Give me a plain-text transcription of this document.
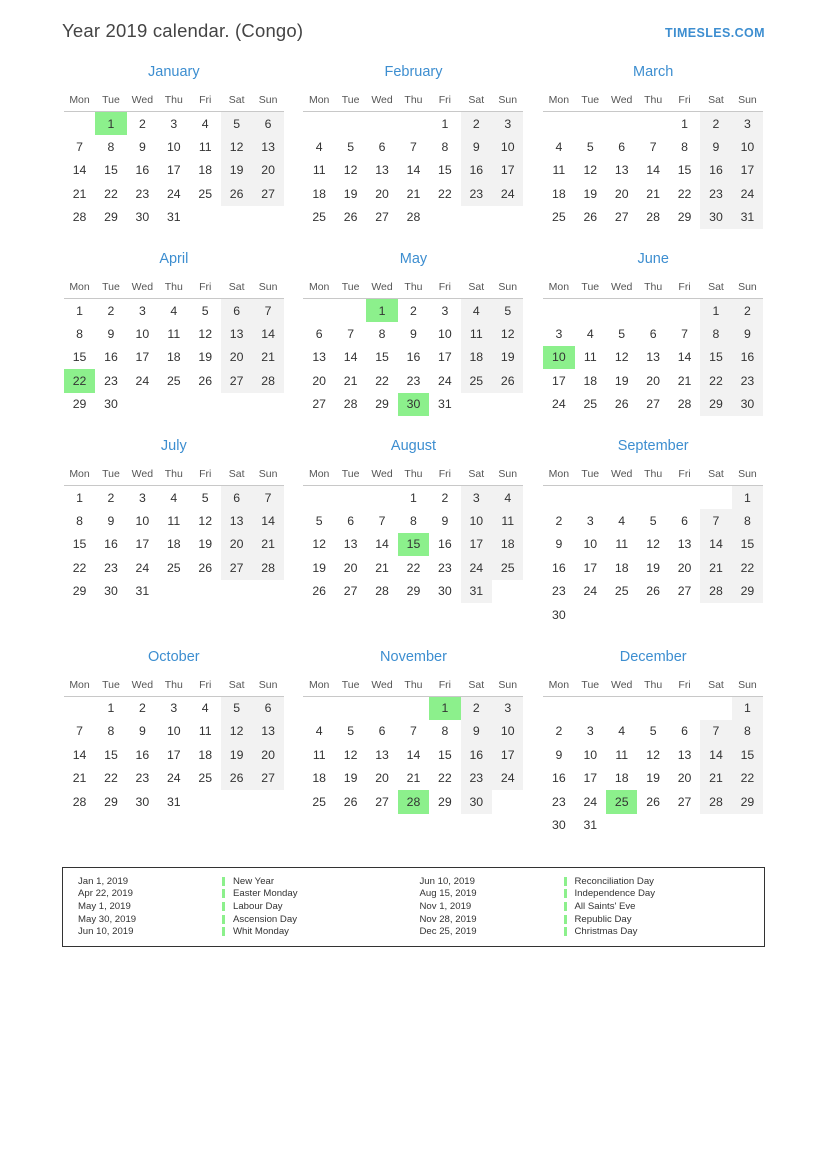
Year 2019 calendar. (Congo)	TIMESLES.COM
January
Mon	Tue	Wed	Thu	Fri	Sat	Sun
	1	2	3	4	5	6
7	8	9	10	11	12	13
14	15	16	17	18	19	20
21	22	23	24	25	26	27
28	29	30	31			
February
Mon	Tue	Wed	Thu	Fri	Sat	Sun
				1	2	3
4	5	6	7	8	9	10
11	12	13	14	15	16	17
18	19	20	21	22	23	24
25	26	27	28			
March
Mon	Tue	Wed	Thu	Fri	Sat	Sun
				1	2	3
4	5	6	7	8	9	10
11	12	13	14	15	16	17
18	19	20	21	22	23	24
25	26	27	28	29	30	31
April
Mon	Tue	Wed	Thu	Fri	Sat	Sun
1	2	3	4	5	6	7
8	9	10	11	12	13	14
15	16	17	18	19	20	21
22	23	24	25	26	27	28
29	30					
May
Mon	Tue	Wed	Thu	Fri	Sat	Sun
		1	2	3	4	5
6	7	8	9	10	11	12
13	14	15	16	17	18	19
20	21	22	23	24	25	26
27	28	29	30	31		
June
Mon	Tue	Wed	Thu	Fri	Sat	Sun
					1	2
3	4	5	6	7	8	9
10	11	12	13	14	15	16
17	18	19	20	21	22	23
24	25	26	27	28	29	30
July
Mon	Tue	Wed	Thu	Fri	Sat	Sun
1	2	3	4	5	6	7
8	9	10	11	12	13	14
15	16	17	18	19	20	21
22	23	24	25	26	27	28
29	30	31				
August
Mon	Tue	Wed	Thu	Fri	Sat	Sun
			1	2	3	4
5	6	7	8	9	10	11
12	13	14	15	16	17	18
19	20	21	22	23	24	25
26	27	28	29	30	31	
September
Mon	Tue	Wed	Thu	Fri	Sat	Sun
						1
2	3	4	5	6	7	8
9	10	11	12	13	14	15
16	17	18	19	20	21	22
23	24	25	26	27	28	29
30						
October
Mon	Tue	Wed	Thu	Fri	Sat	Sun
	1	2	3	4	5	6
7	8	9	10	11	12	13
14	15	16	17	18	19	20
21	22	23	24	25	26	27
28	29	30	31			
November
Mon	Tue	Wed	Thu	Fri	Sat	Sun
				1	2	3
4	5	6	7	8	9	10
11	12	13	14	15	16	17
18	19	20	21	22	23	24
25	26	27	28	29	30	
December
Mon	Tue	Wed	Thu	Fri	Sat	Sun
						1
2	3	4	5	6	7	8
9	10	11	12	13	14	15
16	17	18	19	20	21	22
23	24	25	26	27	28	29
30	31					
Jan 1, 2019	New Year
Apr 22, 2019	Easter Monday
May 1, 2019	Labour Day
May 30, 2019	Ascension Day
Jun 10, 2019	Whit Monday
Jun 10, 2019	Reconciliation Day
Aug 15, 2019	Independence Day
Nov 1, 2019	All Saints' Eve
Nov 28, 2019	Republic Day
Dec 25, 2019	Christmas Day
